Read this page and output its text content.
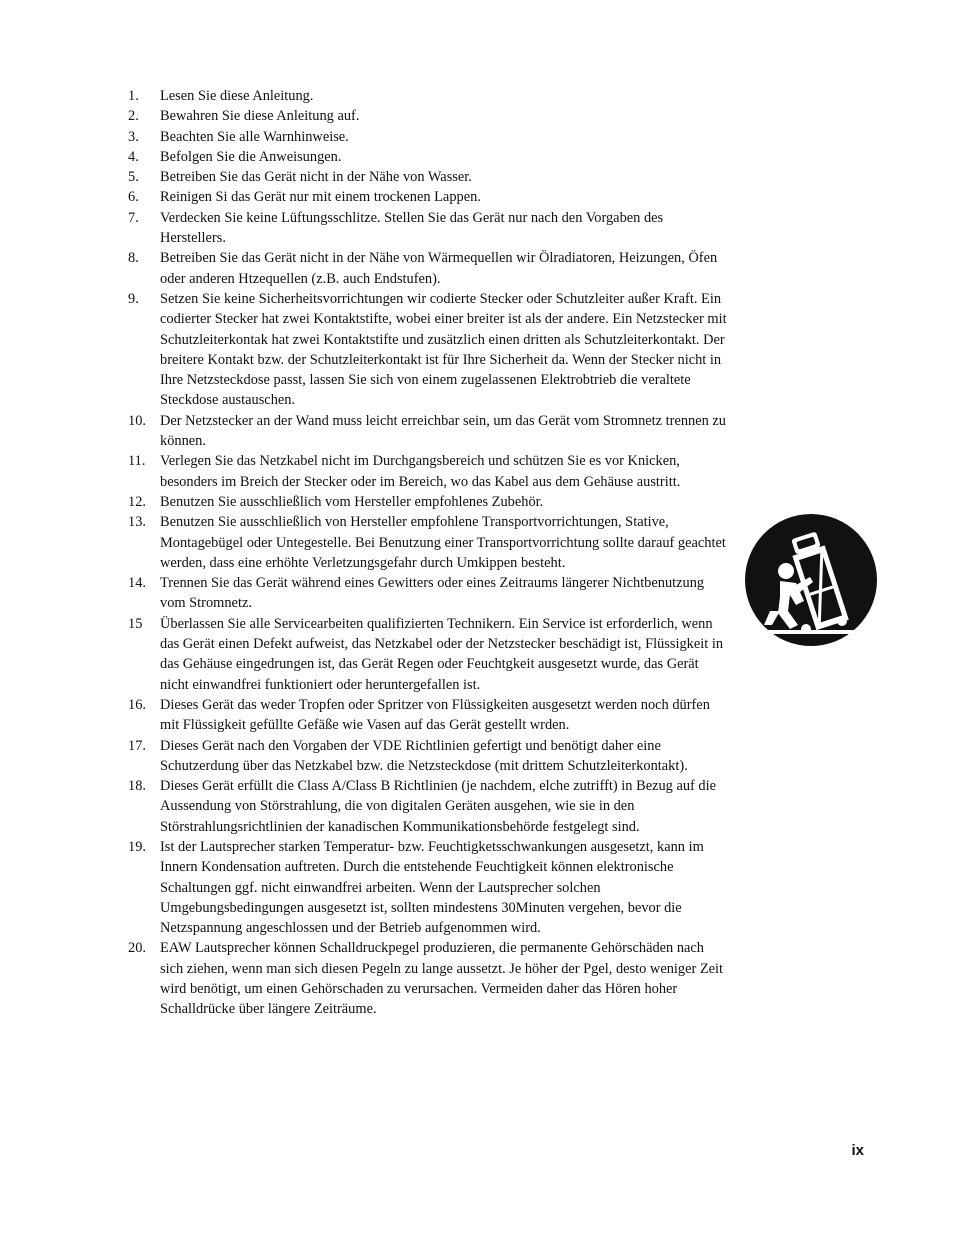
1.	Lesen Sie diese Anleitung.
2.	Bewahren Sie diese Anleitung auf.
3.	Beachten Sie alle Warnhinweise.
4.	Befolgen Sie die Anweisungen.
5.	Betreiben Sie das Gerät nicht in der Nähe von Wasser.
6.	Reinigen Si das Gerät nur mit einem trockenen Lappen.
7.	Verdecken Sie keine Lüftungsschlitze. Stellen Sie das Gerät nur nach den Vorgaben des Herstellers.
8.	Betreiben Sie das Gerät nicht in der Nähe von Wärmequellen wir Ölradiatoren, Heizungen, Öfen oder anderen Htzequellen (z.B. auch Endstufen).
9.	Setzen Sie keine Sicherheitsvorrichtungen wir codierte Stecker oder Schutzleiter außer Kraft. Ein codierter Stecker hat zwei Kontaktstifte, wobei einer breiter ist als der andere. Ein Netzstecker mit Schutzleiterkontak hat zwei Kontaktstifte und zusätzlich einen dritten als Schutzleiterkontakt. Der breitere Kontakt bzw. der Schutzleiterkontakt ist für Ihre Sicherheit da. Wenn der Stecker nicht in Ihre Netzsteckdose passt, lassen Sie sich von einem zugelassenen Elektrobtrieb die veraltete Steckdose austauschen.
10. Der Netzstecker an der Wand muss leicht erreichbar sein, um das Gerät vom Stromnetz trennen zu können.
11.	Verlegen Sie das Netzkabel nicht im Durchgangsbereich und schützen Sie es vor Knicken, besonders im Breich der Stecker oder im Bereich, wo das Kabel aus dem Gehäuse austritt.
12. Benutzen Sie ausschließlich vom Hersteller empfohlenes Zubehör.
13. Benutzen Sie ausschließlich von Hersteller empfohlene Transportvorrichtungen, Stative, Montagebügel oder Untegestelle. Bei Benutzung einer Transportvorrichtung sollte darauf geachtet werden, dass eine erhöhte Verletzungsgefahr durch Umkippen besteht.
14. Trennen Sie das Gerät während eines Gewitters oder eines Zeitraums längerer Nichtbenutzung vom Stromnetz.
15	Überlassen Sie alle Servicearbeiten qualifizierten Technikern. Ein Service ist erforderlich, wenn das Gerät einen Defekt aufweist, das Netzkabel oder der Netzstecker beschädigt ist, Flüssigkeit in das Gehäuse eingedrungen ist, das Gerät Regen oder Feuchtgkeit ausgesetzt wurde, das Gerät nicht einwandfrei funktioniert oder heruntergefallen ist.
16. Dieses Gerät das weder Tropfen oder Spritzer von Flüssigkeiten ausgesetzt werden noch dürfen mit Flüssigkeit gefüllte Gefäße wie Vasen auf das Gerät gestellt wrden.
17. Dieses Gerät nach den Vorgaben der VDE Richtlinien gefertigt und benötigt daher eine Schutzerdung über das Netzkabel bzw. die Netzsteckdose (mit drittem Schutzleiterkontakt).
18. Dieses Gerät erfüllt die Class A/Class B Richtlinien (je nachdem, elche zutrifft) in Bezug auf die Aussendung von Störstrahlung, die von digitalen Geräten ausgehen, wie sie in den Störstrahlungsrichtlinien der kanadischen Kommunikationsbehörde festgelegt sind.
19. Ist der Lautsprecher starken Temperatur- bzw. Feuchtigketsschwankungen ausgesetzt, kann im Innern Kondensation auftreten. Durch die entstehende Feuchtigkeit können elektronische Schaltungen ggf. nicht einwandfrei arbeiten. Wenn der Lautsprecher solchen Umgebungsbedingungen ausgesetzt ist, sollten mindestens 30Minuten vergehen, bevor die Netzspannung angeschlossen und der Betrieb aufgenommen wird.
20. EAW Lautsprecher können Schalldruckpegel produzieren, die permanente Gehörschäden nach sich ziehen, wenn man sich diesen Pegeln zu lange aussetzt. Je höher der Pgel, desto weniger Zeit wird benötigt, um einen Gehörschaden zu verursachen. Vermeiden daher das Hören hoher Schalldrücke über längere Zeiträume.
ix
